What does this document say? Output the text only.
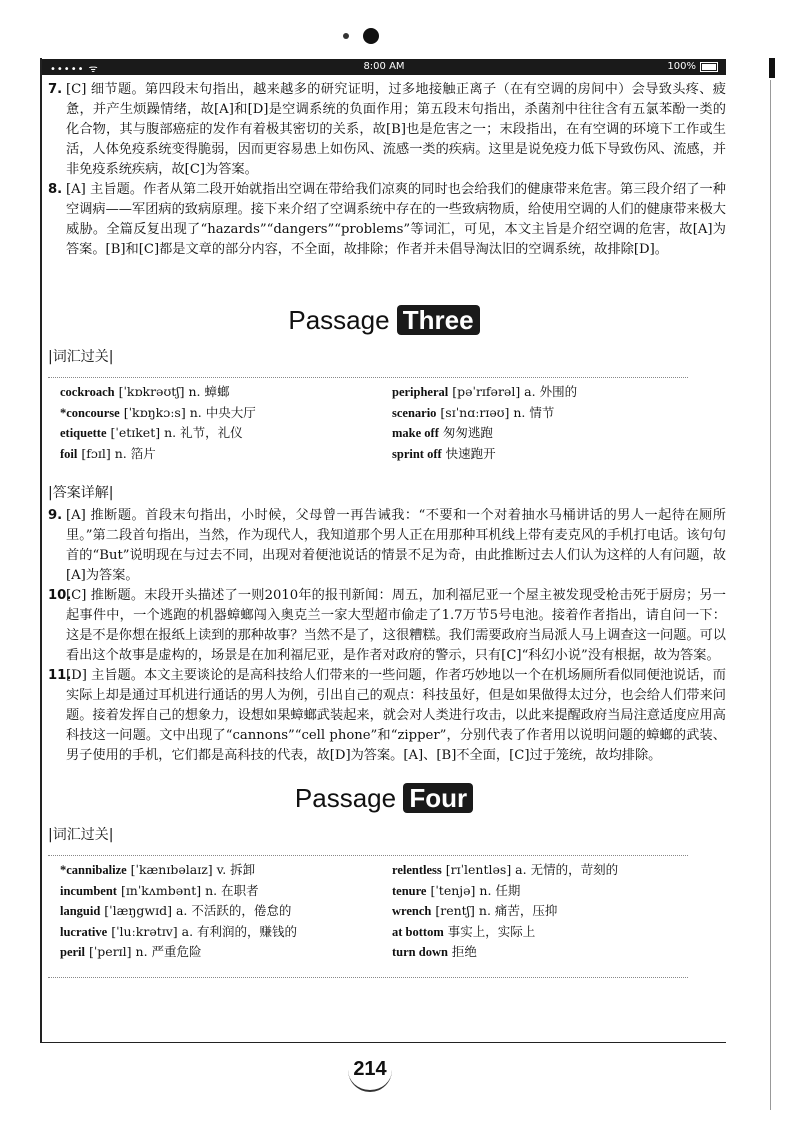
••••• ᯤ	8:00 AM	100%

7. [C] 细节题。第四段末句指出，越来越多的研究证明，过多地接触正离子（在有空调的房间中）会导致头疼、疲惫，并产生烦躁情绪，故[A]和[D]是空调系统的负面作用；第五段末句指出，杀菌剂中往往含有五氯苯酚一类的化合物，其与腹部癌症的发作有着极其密切的关系，故[B]也是危害之一；末段指出，在有空调的环境下工作或生活，人体免疫系统变得脆弱，因而更容易患上如伤风、流感一类的疾病。这里是说免疫力低下导致伤风、流感，并非免疫系统疾病，故[C]为答案。

8. [A] 主旨题。作者从第二段开始就指出空调在带给我们凉爽的同时也会给我们的健康带来危害。第三段介绍了一种空调病——军团病的致病原理。接下来介绍了空调系统中存在的一些致病物质，给使用空调的人们的健康带来极大威胁。全篇反复出现了“hazards”“dangers”“problems”等词汇，可见，本文主旨是介绍空调的危害，故[A]为答案。[B]和[C]都是文章的部分内容，不全面，故排除；作者并未倡导淘汰旧的空调系统，故排除[D]。

Passage Three
|词汇过关|
cockroach [ˈkɒkrəʊtʃ] n. 蟑螂	peripheral [pəˈrɪfərəl] a. 外围的
*concourse [ˈkɒŋkɔːs] n. 中央大厅	scenario [sɪˈnɑːrɪəʊ] n. 情节
etiquette [ˈetɪket] n. 礼节，礼仪	make off 匆匆逃跑
foil [fɔɪl] n. 箔片	sprint off 快速跑开
|答案详解|

9. [A] 推断题。首段末句指出，小时候，父母曾一再告诫我：“不要和一个对着抽水马桶讲话的男人一起待在厕所里。”第二段首句指出，当然，作为现代人，我知道那个男人正在用那种耳机线上带有麦克风的手机打电话。该句句首的“But”说明现在与过去不同，出现对着便池说话的情景不足为奇，由此推断过去人们认为这样的人有问题，故[A]为答案。

10.
[C] 推断题。末段开头描述了一则2010年的报刊新闻：周五，加利福尼亚一个屋主被发现受枪击死于厨房；另一起事件中，一个逃跑的机器蟑螂闯入奥克兰一家大型超市偷走了1.7万节5号电池。接着作者指出，请自问一下：这是不是你想在报纸上读到的那种故事？当然不是了，这很糟糕。我们需要政府当局派人马上调查这一问题。可以看出这个故事是虚构的，场景是在加利福尼亚，是作者对政府的警示，只有[C]“科幻小说”没有根据，故为答案。

11.
[D] 主旨题。本文主要谈论的是高科技给人们带来的一些问题，作者巧妙地以一个在机场厕所看似同便池说话，而实际上却是通过耳机进行通话的男人为例，引出自己的观点：科技虽好，但是如果做得太过分，也会给人们带来问题。接着发挥自己的想象力，设想如果蟑螂武装起来，就会对人类进行攻击，以此来提醒政府当局注意适度应用高科技这一问题。文中出现了“cannons”“cell phone”和“zipper”，分别代表了作者用以说明问题的蟑螂的武装、男子使用的手机，它们都是高科技的代表，故[D]为答案。[A]、[B]不全面，[C]过于笼统，故均排除。

Passage Four
|词汇过关|
*cannibalize [ˈkænɪbəlaɪz] v. 拆卸	relentless [rɪˈlentləs] a. 无情的，苛刻的
incumbent [ɪnˈkʌmbənt] n. 在职者	tenure [ˈtenjə] n. 任期
languid [ˈlæŋgwɪd] a. 不活跃的，倦怠的	wrench [rentʃ] n. 痛苦，压抑
lucrative [ˈluːkrətɪv] a. 有利润的，赚钱的	at bottom 事实上，实际上
peril [ˈperɪl] n. 严重危险	turn down 拒绝
214
